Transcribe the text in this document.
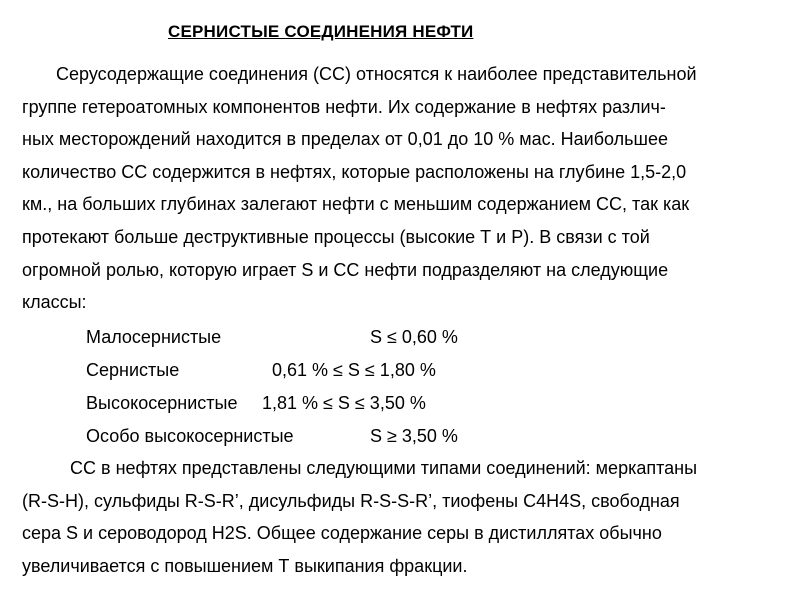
СЕРНИСТЫЕ СОЕДИНЕНИЯ НЕФТИ
Серусодержащие соединения (СС) относятся к наиболее представительной
группе гетероатомных компонентов нефти. Их содержание в нефтях различ-
ных месторождений находится в пределах от 0,01 до 10 % мас. Наибольшее
количество СС содержится в нефтях, которые расположены на глубине 1,5-2,0
км., на больших глубинах залегают нефти с меньшим содержанием СС, так как
протекают больше деструктивные процессы (высокие Т и Р). В связи с той
огромной ролью, которую играет S и СС нефти подразделяют на следующие
классы:
Малосернистые	S ≤ 0,60 %
Сернистые	0,61 % ≤ S ≤ 1,80 %
Высокосернистые 1,81 % ≤ S ≤ 3,50 %
Особо высокосернистые	S ≥ 3,50 %
СС в нефтях представлены следующими типами соединений: меркаптаны
(R-S-H), сульфиды R-S-R’, дисульфиды R-S-S-R’, тиофены C4H4S, свободная
сера S и сероводород H2S. Общее содержание серы в дистиллятах обычно
увеличивается с повышением Т выкипания фракции.
